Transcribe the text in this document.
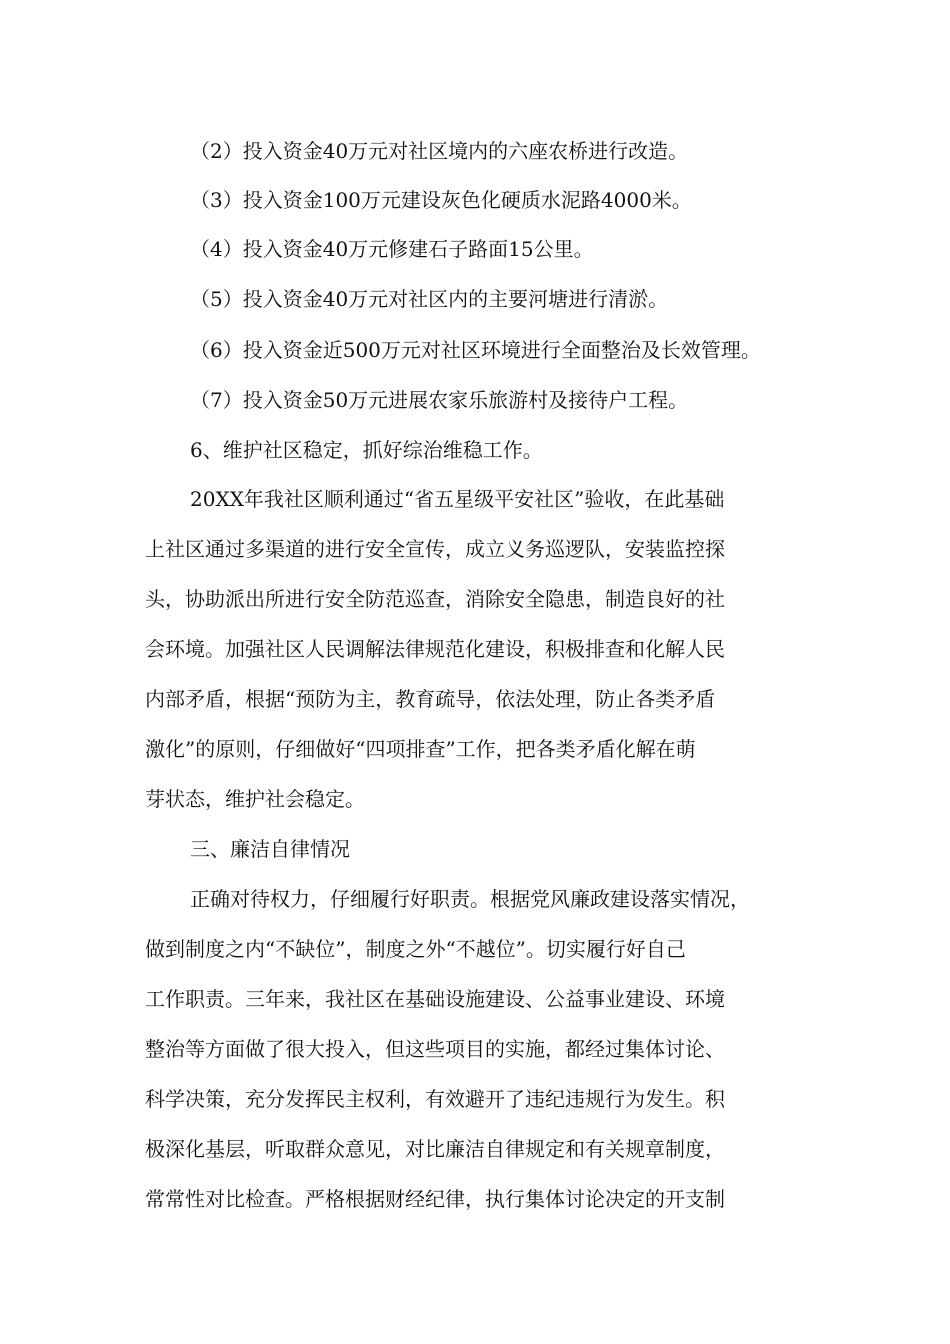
（2）投入资金40万元对社区境内的六座农桥进行改造。
（3）投入资金100万元建设灰色化硬质水泥路4000米。
（4）投入资金40万元修建石子路面15公里。
（5）投入资金40万元对社区内的主要河塘进行清淤。
（6）投入资金近500万元对社区环境进行全面整治及长效管理。
（7）投入资金50万元进展农家乐旅游村及接待户工程。
6、维护社区稳定，抓好综治维稳工作。
20XX年我社区顺利通过“省五星级平安社区”验收，在此基础
上社区通过多渠道的进行安全宣传，成立义务巡逻队，安装监控探
头，协助派出所进行安全防范巡查，消除安全隐患，制造良好的社
会环境。加强社区人民调解法律规范化建设，积极排查和化解人民
内部矛盾，根据“预防为主，教育疏导，依法处理，防止各类矛盾
激化”的原则，仔细做好“四项排查”工作，把各类矛盾化解在萌
芽状态，维护社会稳定。
三、廉洁自律情况
正确对待权力，仔细履行好职责。根据党风廉政建设落实情况，
做到制度之内“不缺位”，制度之外“不越位”。切实履行好自己
工作职责。三年来，我社区在基础设施建设、公益事业建设、环境
整治等方面做了很大投入，但这些项目的实施，都经过集体讨论、
科学决策，充分发挥民主权利，有效避开了违纪违规行为发生。积
极深化基层，听取群众意见，对比廉洁自律规定和有关规章制度，
常常性对比检查。严格根据财经纪律，执行集体讨论决定的开支制
